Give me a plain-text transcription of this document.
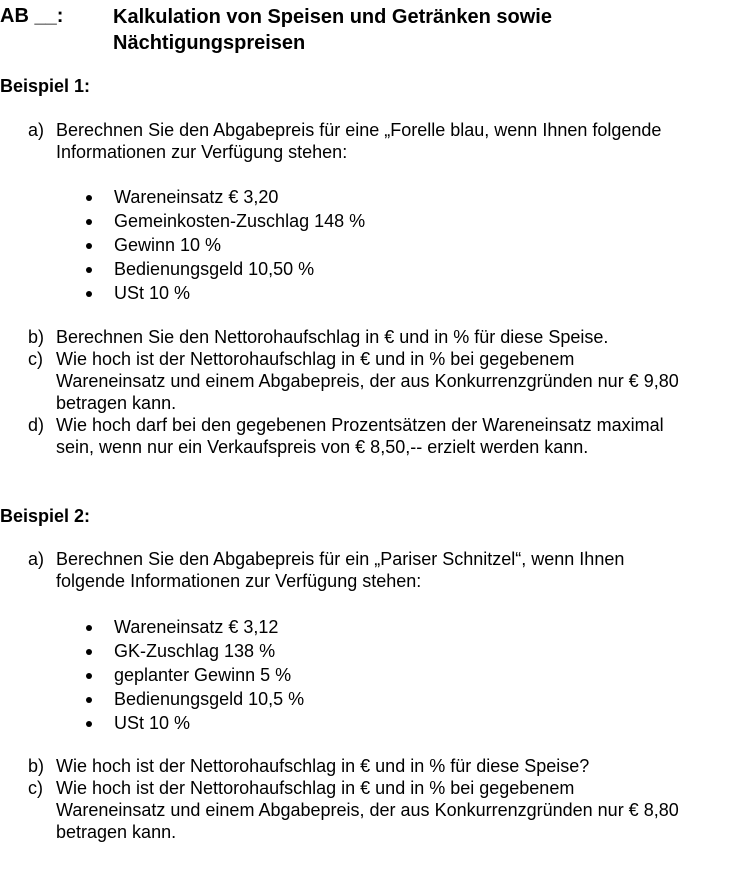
AB __: Kalkulation von Speisen und Getränken sowie
Nächtigungspreisen
Beispiel 1:
a) Berechnen Sie den Abgabepreis für eine „Forelle blau, wenn Ihnen folgende
Informationen zur Verfügung stehen:
Wareneinsatz € 3,20
Gemeinkosten-Zuschlag 148 %
Gewinn 10 %
Bedienungsgeld 10,50 %
USt 10 %
b) Berechnen Sie den Nettorohaufschlag in € und in % für diese Speise.
c) Wie hoch ist der Nettorohaufschlag in € und in % bei gegebenem
Wareneinsatz und einem Abgabepreis, der aus Konkurrenzgründen nur € 9,80
betragen kann.
d) Wie hoch darf bei den gegebenen Prozentsätzen der Wareneinsatz maximal
sein, wenn nur ein Verkaufspreis von € 8,50,-- erzielt werden kann.
Beispiel 2:
a) Berechnen Sie den Abgabepreis für ein „Pariser Schnitzel“, wenn Ihnen
folgende Informationen zur Verfügung stehen:
Wareneinsatz € 3,12
GK-Zuschlag 138 %
geplanter Gewinn 5 %
Bedienungsgeld 10,5 %
USt 10 %
b) Wie hoch ist der Nettorohaufschlag in € und in % für diese Speise?
c) Wie hoch ist der Nettorohaufschlag in € und in % bei gegebenem
Wareneinsatz und einem Abgabepreis, der aus Konkurrenzgründen nur € 8,80
betragen kann.
